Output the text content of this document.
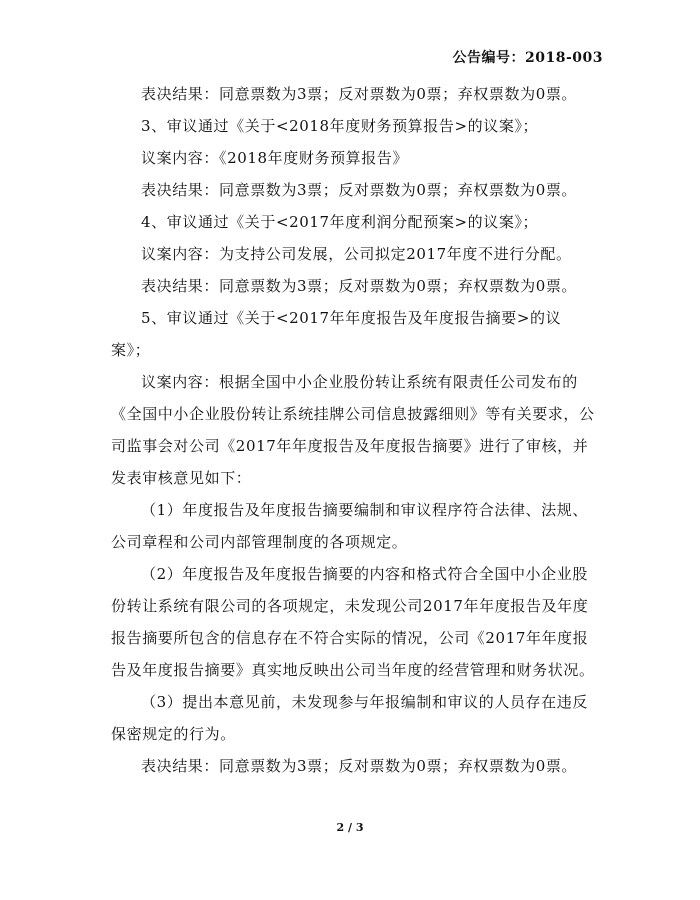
公告编号：2018-003

表决结果：同意票数为3票；反对票数为0票；弃权票数为0票。

3、审议通过《关于<2018年度财务预算报告>的议案》；

议案内容：《2018年度财务预算报告》

表决结果：同意票数为3票；反对票数为0票；弃权票数为0票。

4、审议通过《关于<2017年度利润分配预案>的议案》；

议案内容：为支持公司发展，公司拟定2017年度不进行分配。

表决结果：同意票数为3票；反对票数为0票；弃权票数为0票。

5、审议通过《关于<2017年年度报告及年度报告摘要>的议案》；

议案内容：根据全国中小企业股份转让系统有限责任公司发布的《全国中小企业股份转让系统挂牌公司信息披露细则》等有关要求，公司监事会对公司《2017年年度报告及年度报告摘要》进行了审核，并发表审核意见如下：

（1）年度报告及年度报告摘要编制和审议程序符合法律、法规、公司章程和公司内部管理制度的各项规定。

（2）年度报告及年度报告摘要的内容和格式符合全国中小企业股份转让系统有限公司的各项规定，未发现公司2017年年度报告及年度报告摘要所包含的信息存在不符合实际的情况，公司《2017年年度报告及年度报告摘要》真实地反映出公司当年度的经营管理和财务状况。

（3）提出本意见前，未发现参与年报编制和审议的人员存在违反保密规定的行为。

表决结果：同意票数为3票；反对票数为0票；弃权票数为0票。

2 / 3
